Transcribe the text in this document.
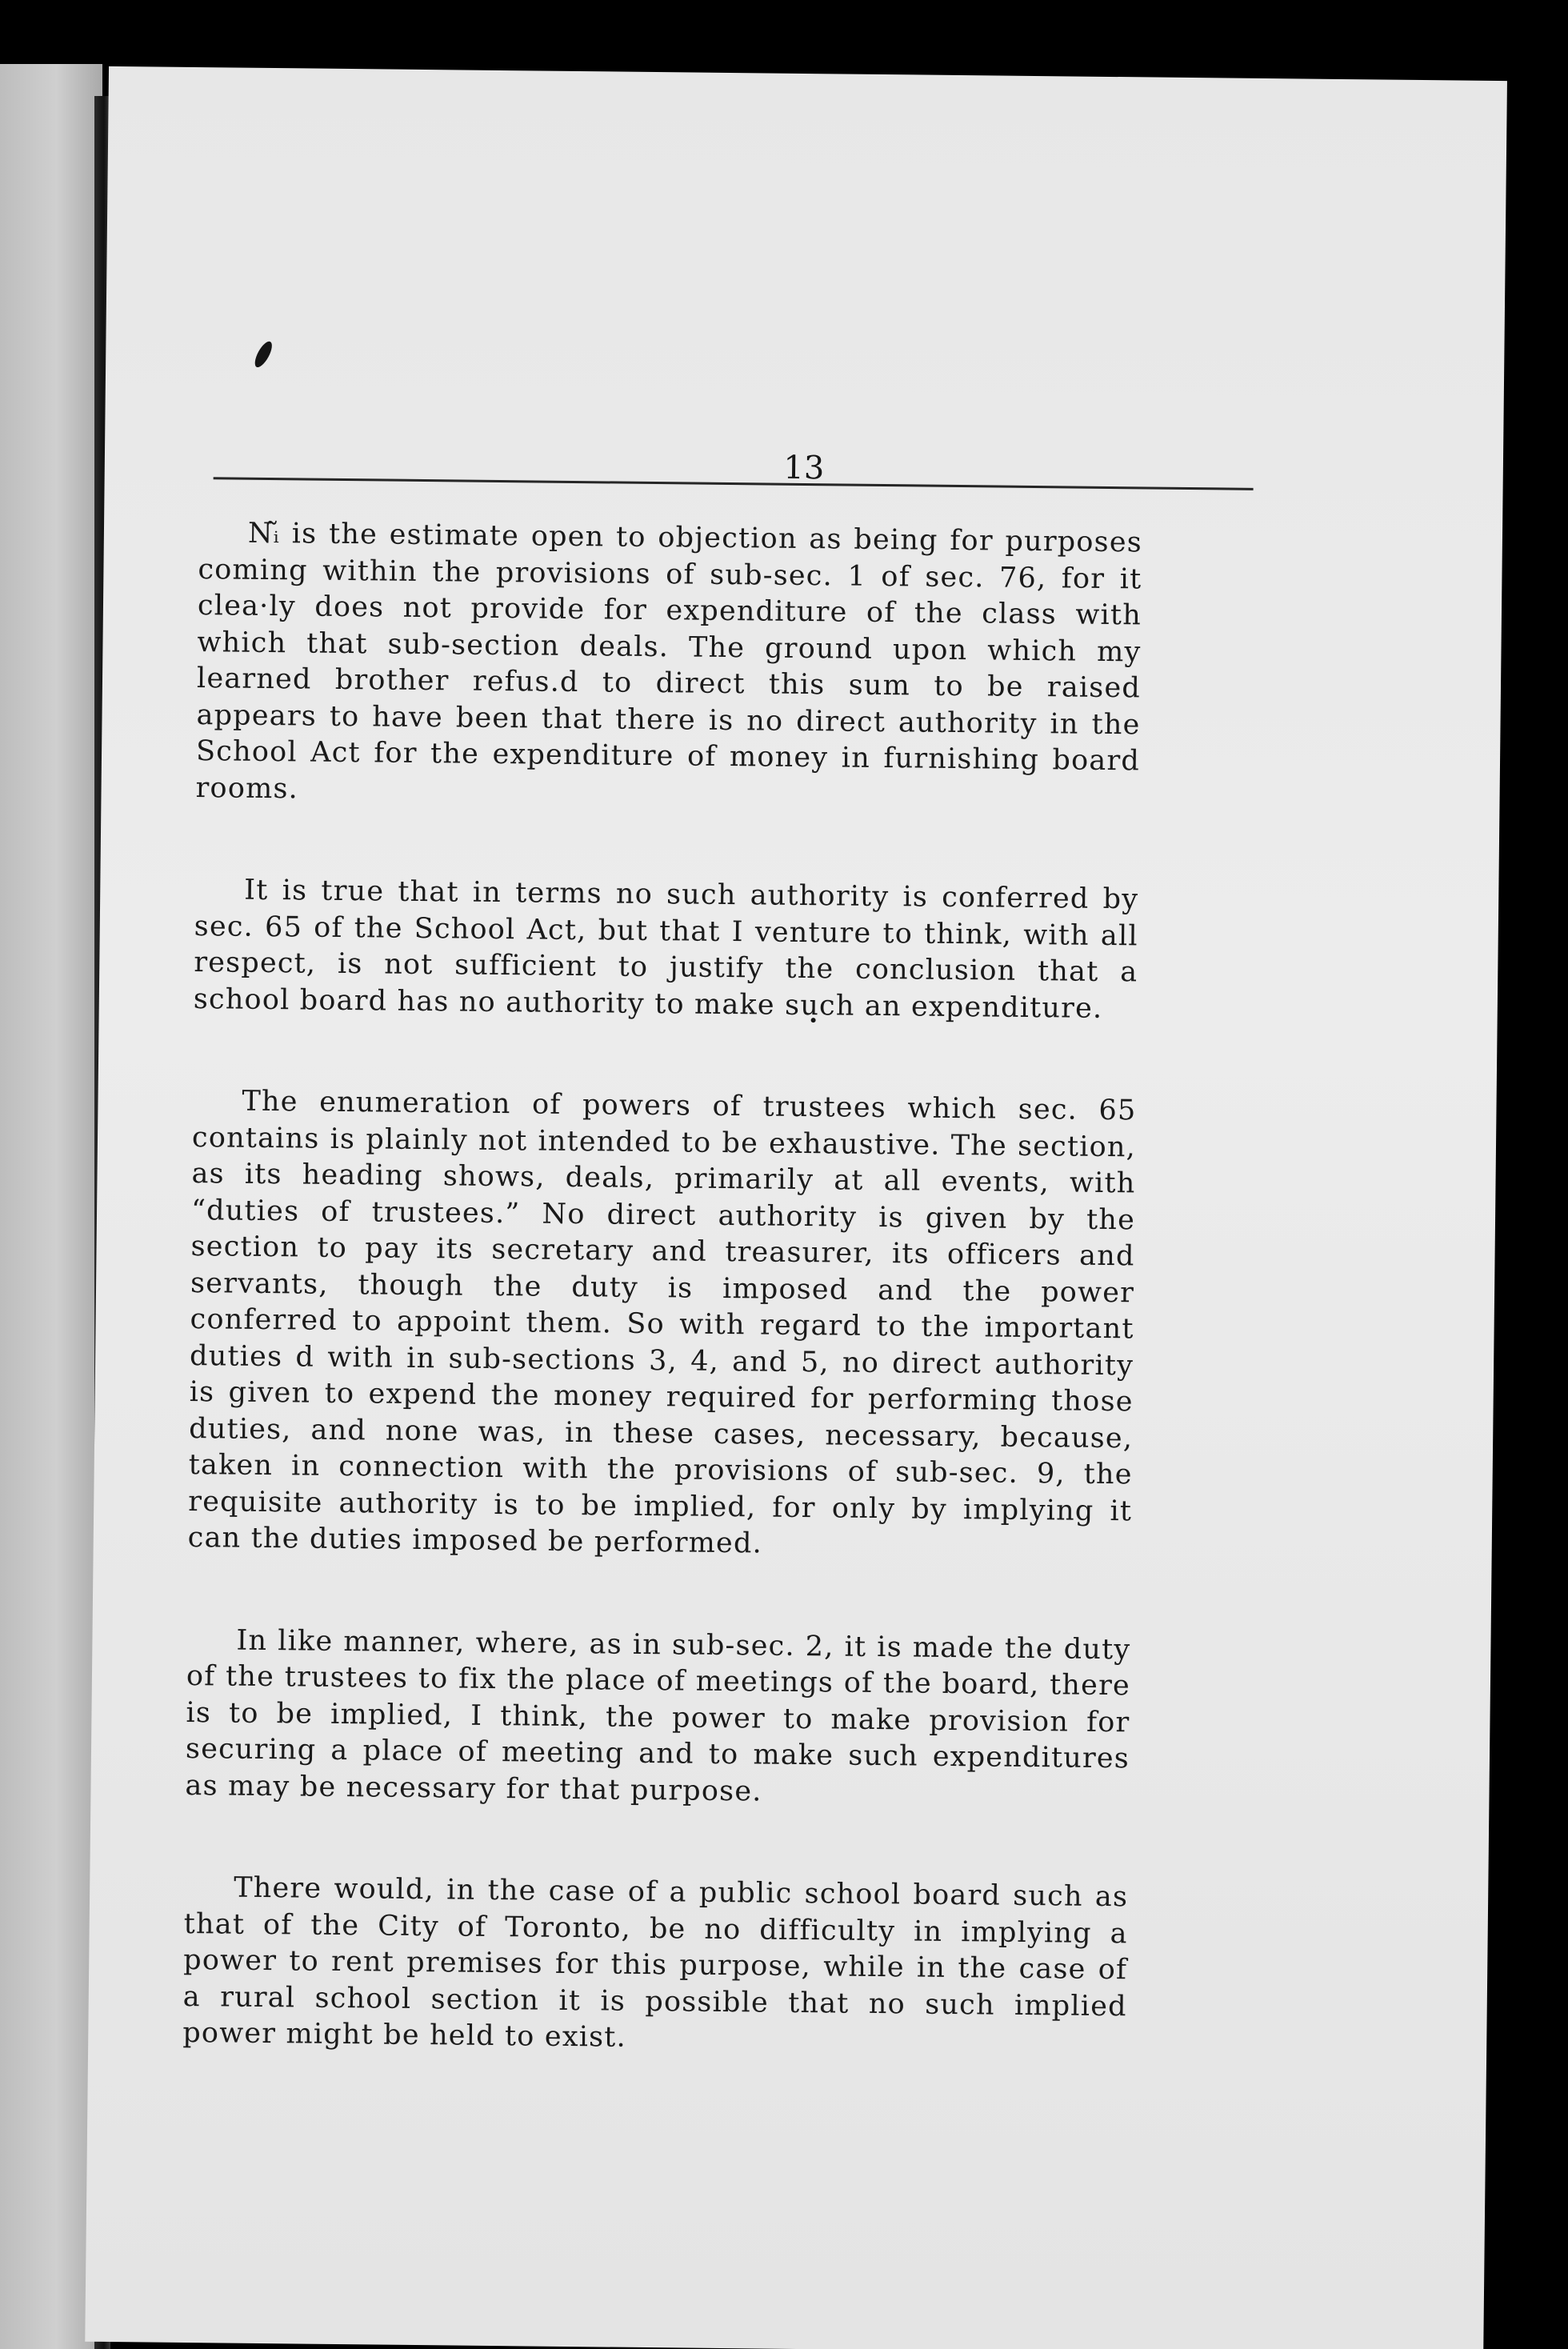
13

Nᵢ̃ is the estimate open to objection as being for purposes coming within the provisions of sub-sec. 1 of sec. 76, for it clea·ly does not provide for expenditure of the class with which that sub-section deals. The ground upon which my learned brother refus.d to direct this sum to be raised appears to have been that there is no direct authority in the School Act for the expenditure of money in furnishing board rooms.

It is true that in terms no such authority is conferred by sec. 65 of the School Act, but that I venture to think, with all respect, is not sufficient to justify the conclusion that a school board has no authority to make such an expenditure.

The enumeration of powers of trustees which sec. 65 contains is plainly not intended to be exhaustive. The section, as its heading shows, deals, primarily at all events, with “duties of trustees.” No direct authority is given by the section to pay its secretary and treasurer, its officers and servants, though the duty is imposed and the power conferred to appoint them. So with regard to the important duties d with in sub-sections 3, 4, and 5, no direct authority is given to expend the money required for performing those duties, and none was, in these cases, necessary, because, taken in connection with the provisions of sub-sec. 9, the requisite authority is to be implied, for only by implying it can the duties imposed be performed.

In like manner, where, as in sub-sec. 2, it is made the duty of the trustees to fix the place of meetings of the board, there is to be implied, I think, the power to make provision for securing a place of meeting and to make such expenditures as may be necessary for that purpose.

There would, in the case of a public school board such as that of the City of Toronto, be no difficulty in implying a power to rent premises for this purpose, while in the case of a rural school section it is possible that no such implied power might be held to exist.
